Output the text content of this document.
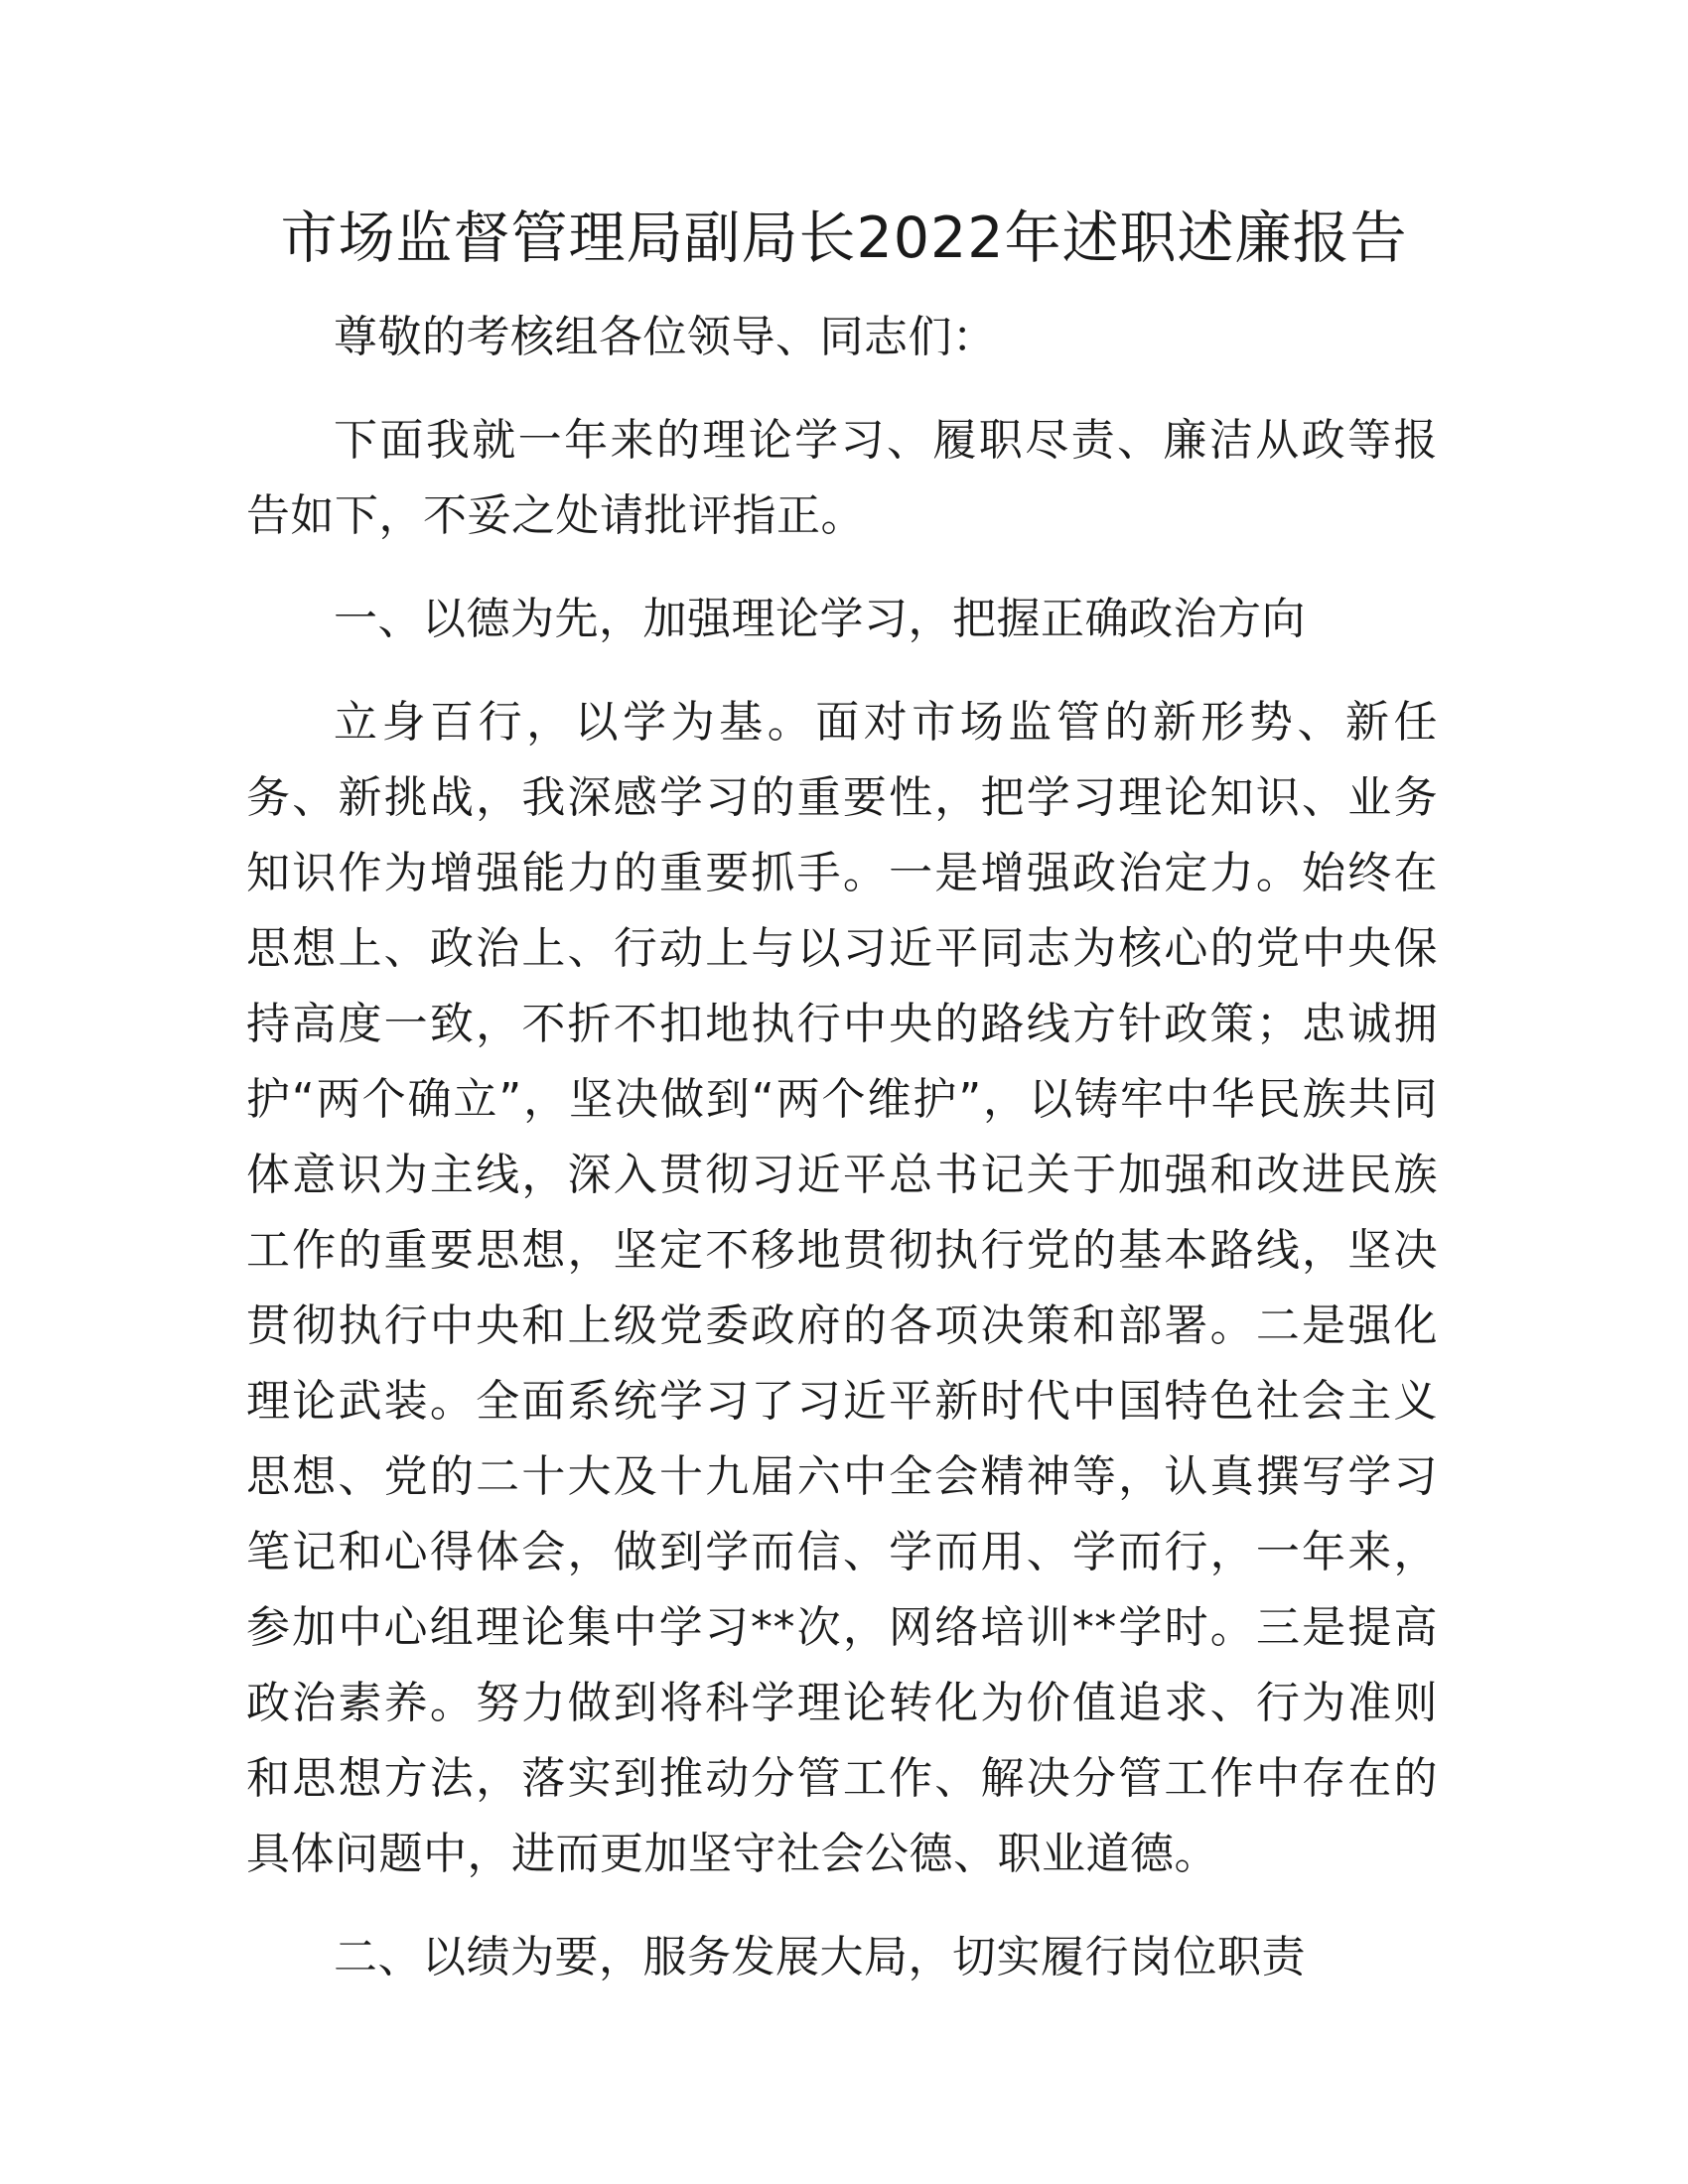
市场监督管理局副局长2022年述职述廉报告

尊敬的考核组各位领导、同志们：

下面我就一年来的理论学习、履职尽责、廉洁从政等报告如下，不妥之处请批评指正。

一、以德为先，加强理论学习，把握正确政治方向

立身百行，以学为基。面对市场监管的新形势、新任务、新挑战，我深感学习的重要性，把学习理论知识、业务知识作为增强能力的重要抓手。一是增强政治定力。始终在思想上、政治上、行动上与以习近平同志为核心的党中央保持高度一致，不折不扣地执行中央的路线方针政策；忠诚拥护“两个确立”，坚决做到“两个维护”，以铸牢中华民族共同体意识为主线，深入贯彻习近平总书记关于加强和改进民族工作的重要思想，坚定不移地贯彻执行党的基本路线，坚决贯彻执行中央和上级党委政府的各项决策和部署。二是强化理论武装。全面系统学习了习近平新时代中国特色社会主义思想、党的二十大及十九届六中全会精神等，认真撰写学习笔记和心得体会，做到学而信、学而用、学而行，一年来，参加中心组理论集中学习**次，网络培训**学时。三是提高政治素养。努力做到将科学理论转化为价值追求、行为准则和思想方法，落实到推动分管工作、解决分管工作中存在的具体问题中，进而更加坚守社会公德、职业道德。

二、以绩为要，服务发展大局，切实履行岗位职责
